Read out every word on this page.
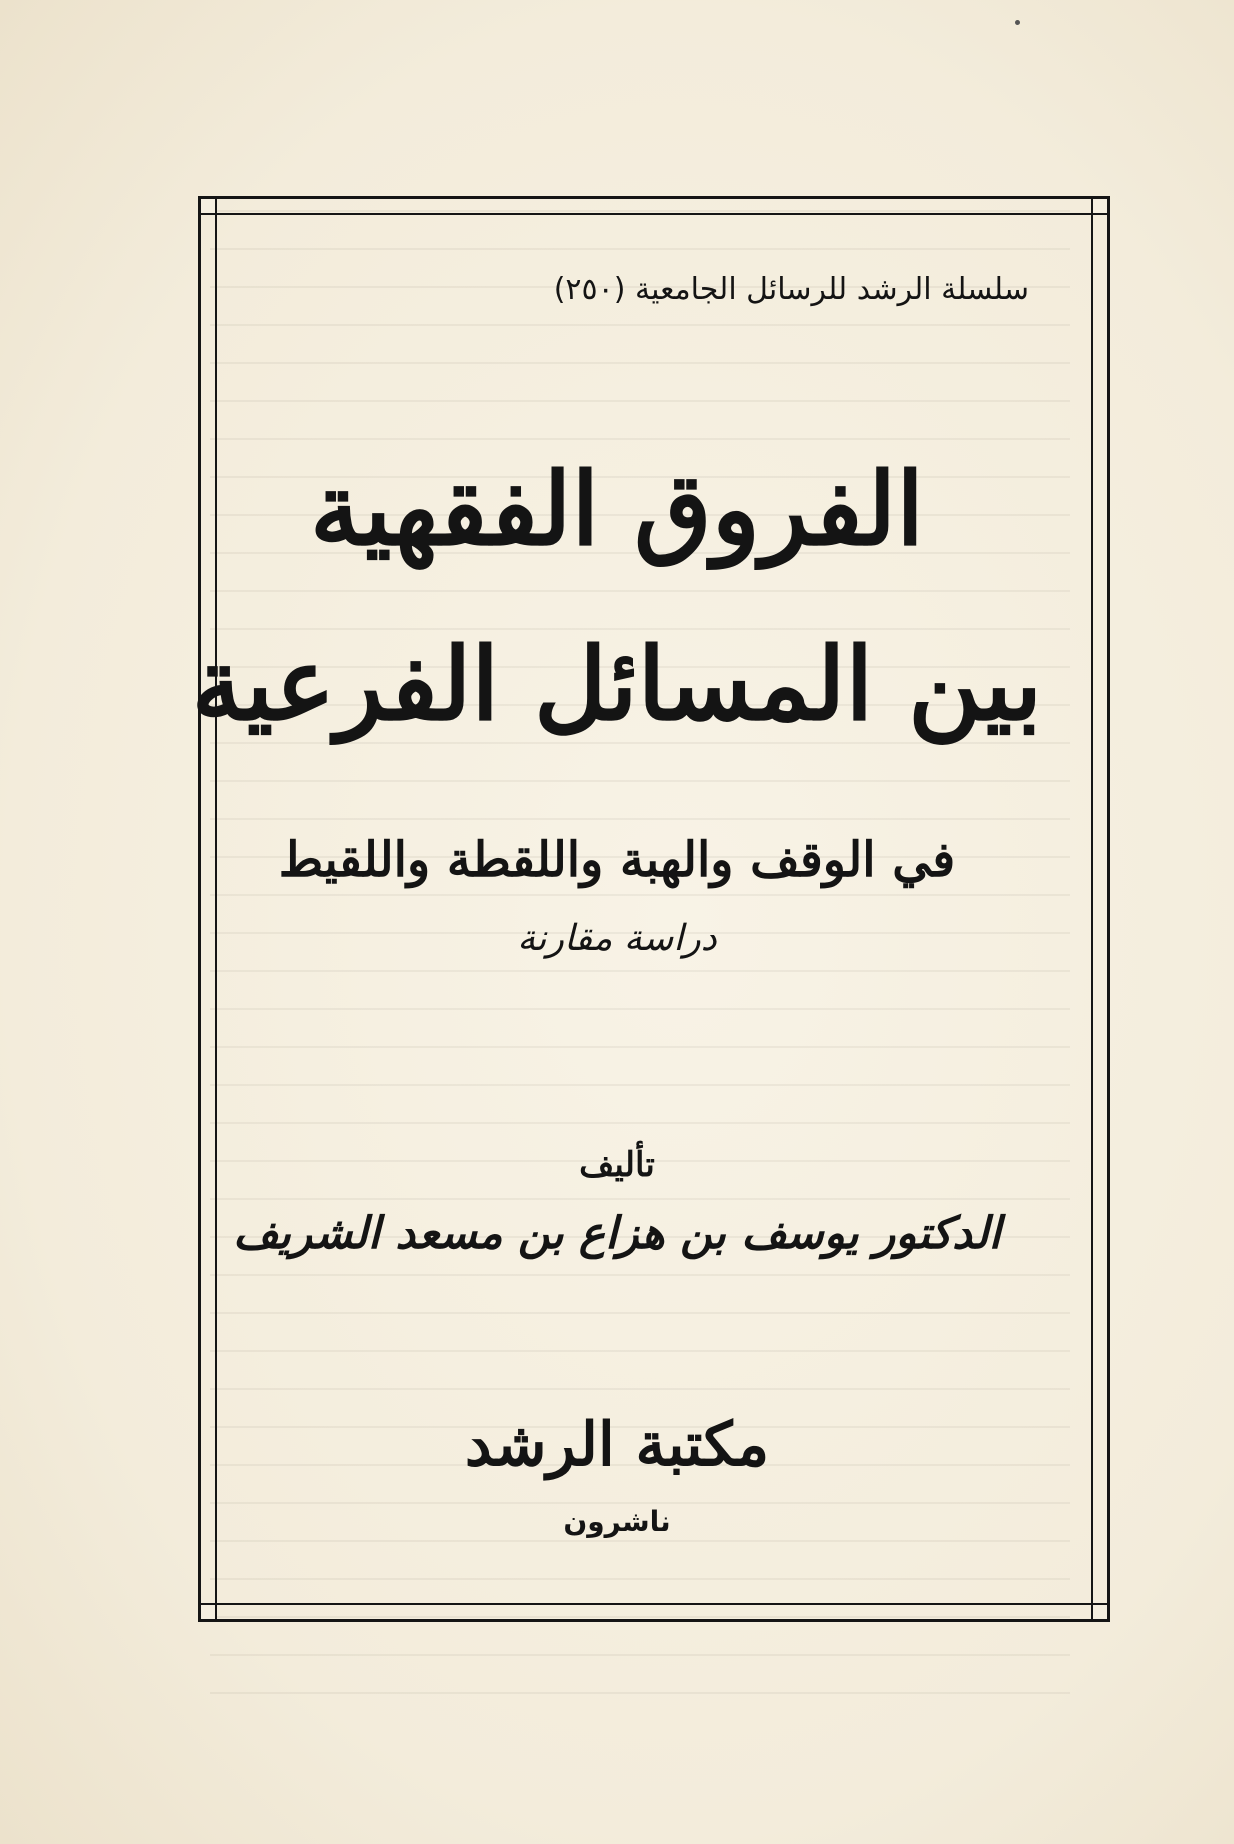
سلسلة الرشد للرسائل الجامعية (٢٥٠)
الفروق الفقهية
بين المسائل الفرعية
في الوقف والهبة واللقطة واللقيط
دراسة مقارنة
تأليف
الدكتور يوسف بن هزاع بن مسعد الشريف
مكتبة الرشد
ناشرون
